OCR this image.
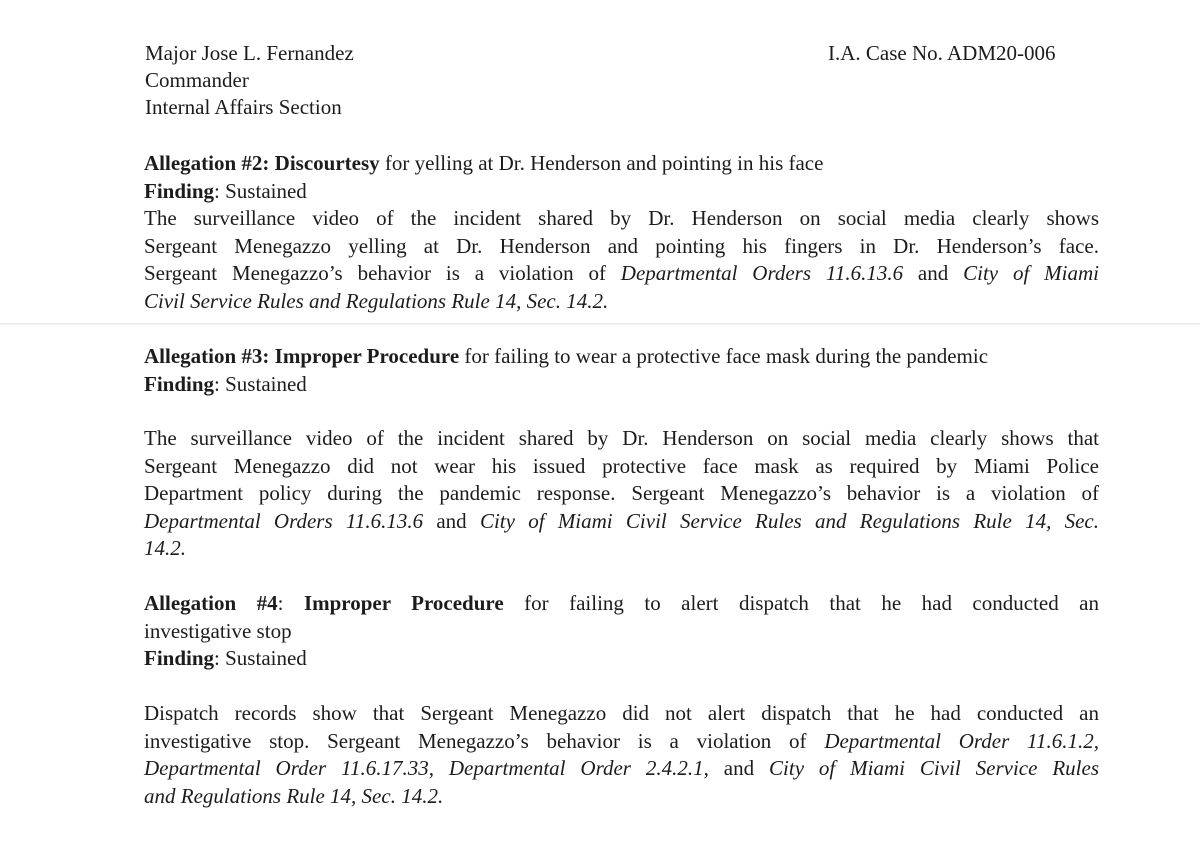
Major Jose L. Fernandez
Commander
Internal Affairs Section
I.A. Case No. ADM20-006
Allegation #2: Discourtesy for yelling at Dr. Henderson and pointing in his face
Finding: Sustained
The surveillance video of the incident shared by Dr. Henderson on social media clearly shows
Sergeant Menegazzo yelling at Dr. Henderson and pointing his fingers in Dr. Henderson’s face.
Sergeant Menegazzo’s behavior is a violation of Departmental Orders 11.6.13.6 and City of Miami
Civil Service Rules and Regulations Rule 14, Sec. 14.2.
Allegation #3: Improper Procedure for failing to wear a protective face mask during the pandemic
Finding: Sustained
The surveillance video of the incident shared by Dr. Henderson on social media clearly shows that
Sergeant Menegazzo did not wear his issued protective face mask as required by Miami Police
Department policy during the pandemic response. Sergeant Menegazzo’s behavior is a violation of
Departmental Orders 11.6.13.6 and City of Miami Civil Service Rules and Regulations Rule 14, Sec.
14.2.
Allegation #4: Improper Procedure for failing to alert dispatch that he had conducted an
investigative stop
Finding: Sustained
Dispatch records show that Sergeant Menegazzo did not alert dispatch that he had conducted an
investigative stop. Sergeant Menegazzo’s behavior is a violation of Departmental Order 11.6.1.2,
Departmental Order 11.6.17.33, Departmental Order 2.4.2.1, and City of Miami Civil Service Rules
and Regulations Rule 14, Sec. 14.2.
